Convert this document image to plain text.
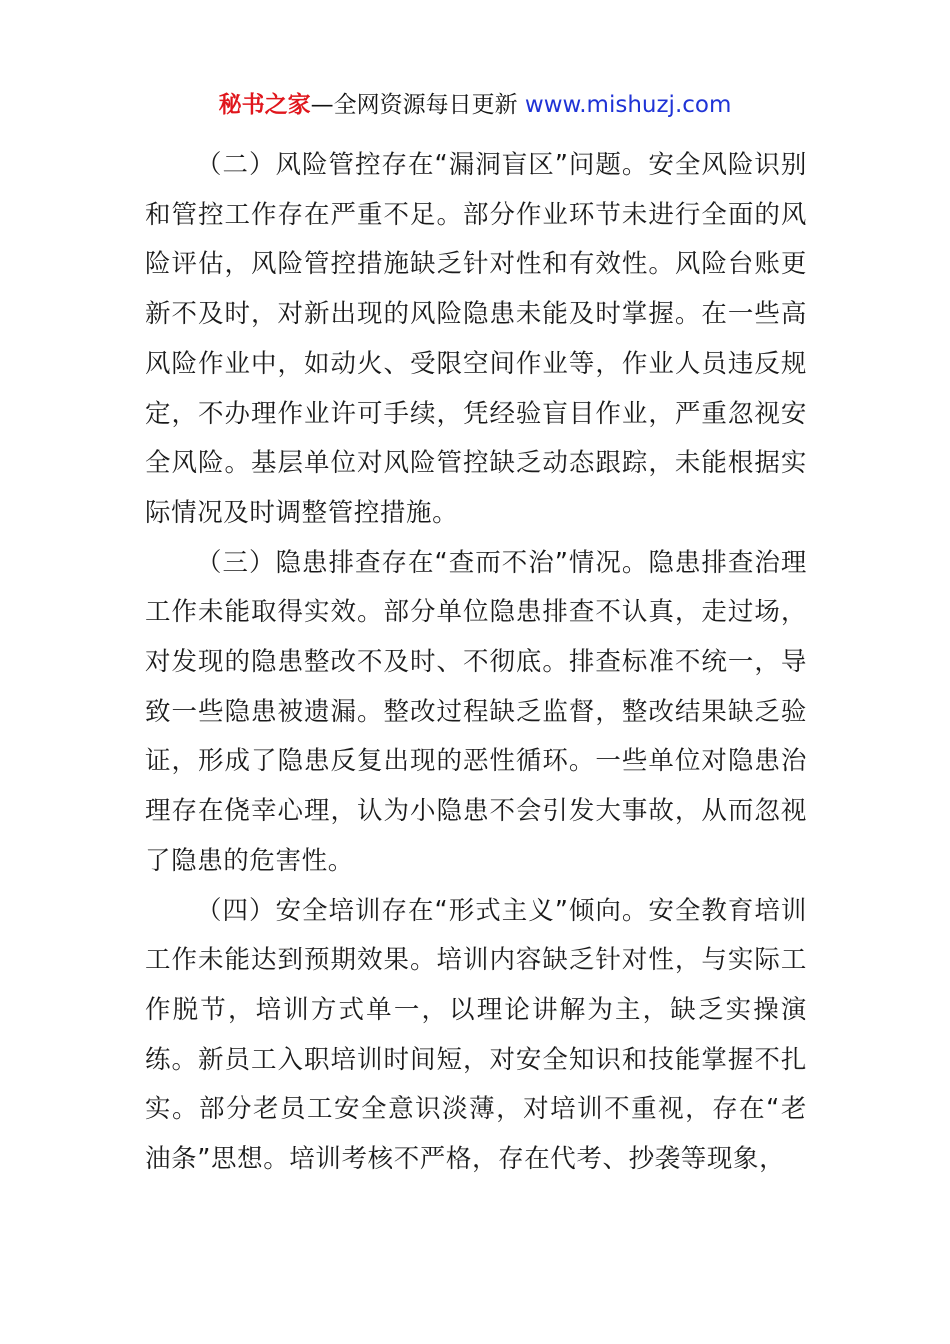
秘书之家—全网资源每日更新 www.mishuzj.com

（二）风险管控存在“漏洞盲区”问题。安全风险识别和管控工作存在严重不足。部分作业环节未进行全面的风险评估，风险管控措施缺乏针对性和有效性。风险台账更新不及时，对新出现的风险隐患未能及时掌握。在一些高风险作业中，如动火、受限空间作业等，作业人员违反规定，不办理作业许可手续，凭经验盲目作业，严重忽视安全风险。基层单位对风险管控缺乏动态跟踪，未能根据实际情况及时调整管控措施。

（三）隐患排查存在“查而不治”情况。隐患排查治理工作未能取得实效。部分单位隐患排查不认真，走过场，对发现的隐患整改不及时、不彻底。排查标准不统一，导致一些隐患被遗漏。整改过程缺乏监督，整改结果缺乏验证，形成了隐患反复出现的恶性循环。一些单位对隐患治理存在侥幸心理，认为小隐患不会引发大事故，从而忽视了隐患的危害性。

（四）安全培训存在“形式主义”倾向。安全教育培训工作未能达到预期效果。培训内容缺乏针对性，与实际工作脱节，培训方式单一，以理论讲解为主，缺乏实操演练。新员工入职培训时间短，对安全知识和技能掌握不扎实。部分老员工安全意识淡薄，对培训不重视，存在“老油条”思想。培训考核不严格，存在代考、抄袭等现象，
